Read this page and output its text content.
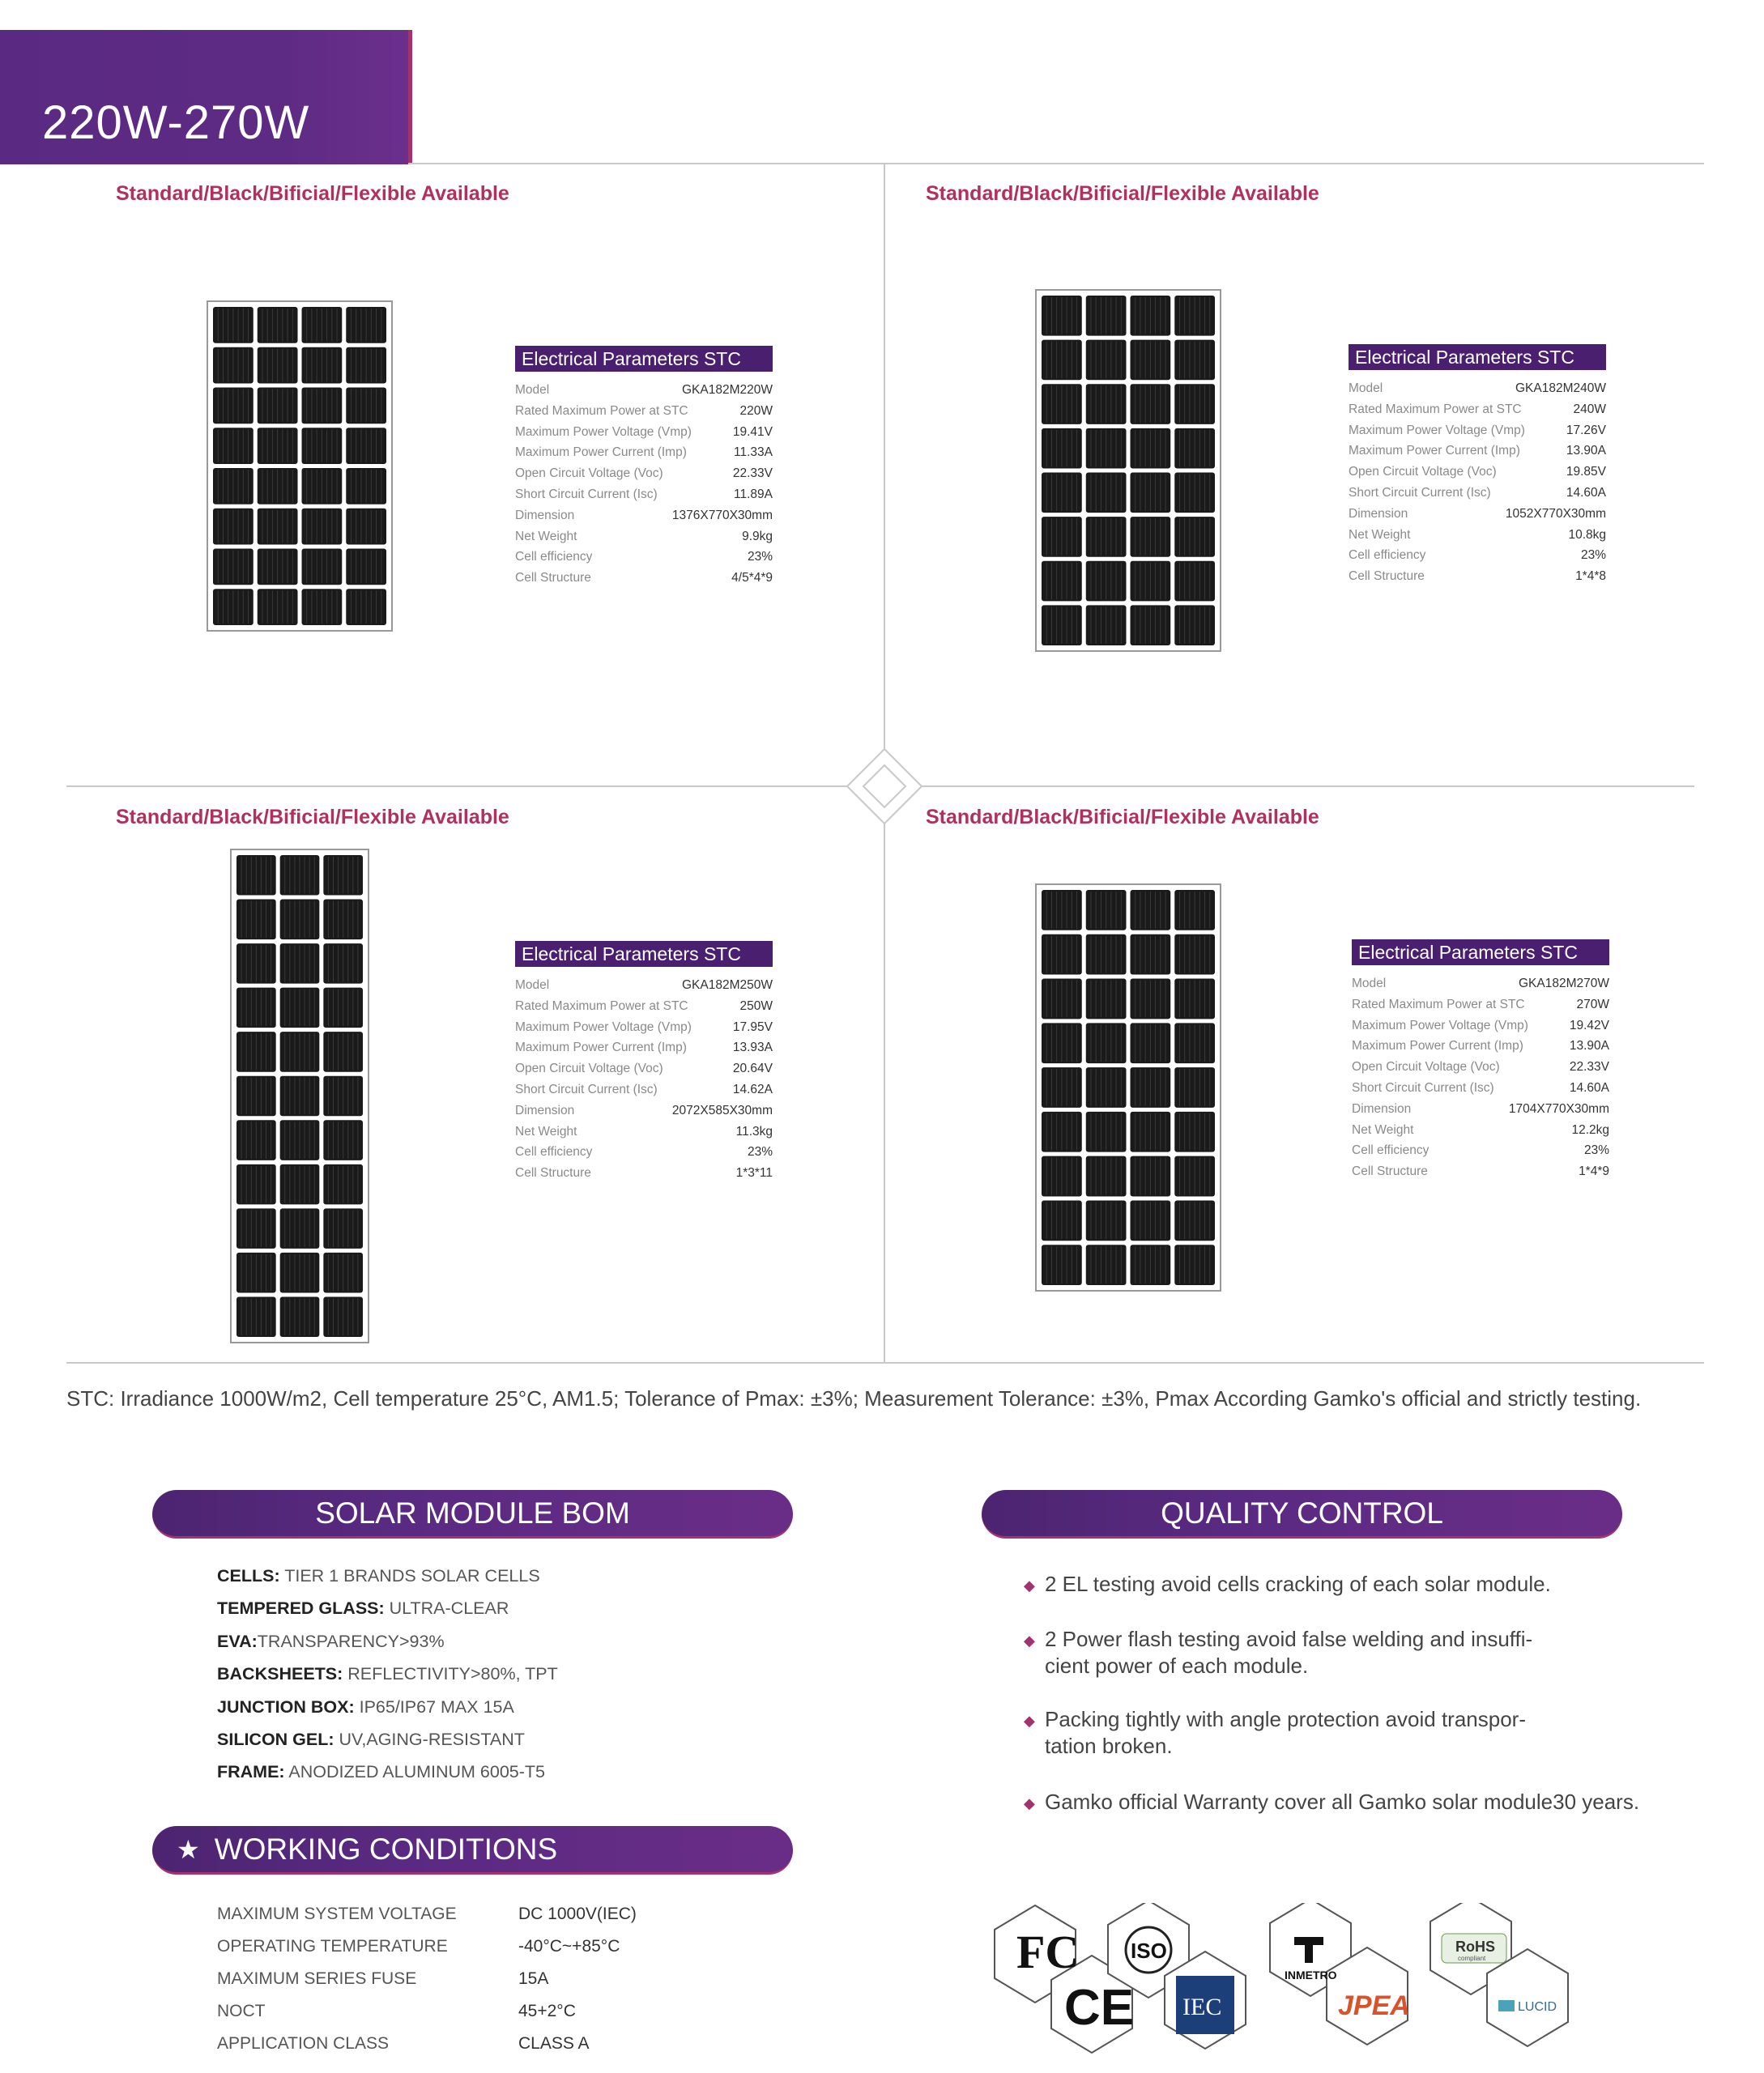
220W-270W
Standard/Black/Bificial/Flexible Available	Standard/Black/Bificial/Flexible Available
Standard/Black/Bificial/Flexible Available	Standard/Black/Bificial/Flexible Available
Electrical Parameters STC
Model	GKA182M220W
Rated Maximum Power at STC	220W
Maximum Power Voltage (Vmp)	19.41V
Maximum Power Current (Imp)	11.33A
Open Circuit Voltage (Voc)	22.33V
Short Circuit Current (Isc)	11.89A
Dimension	1376X770X30mm
Net Weight	9.9kg
Cell efficiency	23%
Cell Structure	4/5*4*9
Electrical Parameters STC
Model	GKA182M240W
Rated Maximum Power at STC	240W
Maximum Power Voltage (Vmp)	17.26V
Maximum Power Current (Imp)	13.90A
Open Circuit Voltage (Voc)	19.85V
Short Circuit Current (Isc)	14.60A
Dimension	1052X770X30mm
Net Weight	10.8kg
Cell efficiency	23%
Cell Structure	1*4*8
Electrical Parameters STC
Model	GKA182M250W
Rated Maximum Power at STC	250W
Maximum Power Voltage (Vmp)	17.95V
Maximum Power Current (Imp)	13.93A
Open Circuit Voltage (Voc)	20.64V
Short Circuit Current (Isc)	14.62A
Dimension	2072X585X30mm
Net Weight	11.3kg
Cell efficiency	23%
Cell Structure	1*3*11
Electrical Parameters STC
Model	GKA182M270W
Rated Maximum Power at STC	270W
Maximum Power Voltage (Vmp)	19.42V
Maximum Power Current (Imp)	13.90A
Open Circuit Voltage (Voc)	22.33V
Short Circuit Current (Isc)	14.60A
Dimension	1704X770X30mm
Net Weight	12.2kg
Cell efficiency	23%
Cell Structure	1*4*9
STC: Irradiance 1000W/m2, Cell temperature 25°C, AM1.5; Tolerance of Pmax: ±3%; Measurement Tolerance: ±3%, Pmax According Gamko's official and strictly testing.
SOLAR MODULE BOM
CELLS: TIER 1 BRANDS SOLAR CELLS
TEMPERED GLASS: ULTRA-CLEAR
EVA:TRANSPARENCY>93%
BACKSHEETS: REFLECTIVITY>80%, TPT
JUNCTION BOX: IP65/IP67 MAX 15A
SILICON GEL: UV,AGING-RESISTANT
FRAME: ANODIZED ALUMINUM 6005-T5
★ WORKING CONDITIONS
MAXIMUM SYSTEM VOLTAGE	DC 1000V(IEC)
OPERATING TEMPERATURE	-40°C~+85°C
MAXIMUM SERIES FUSE	15A
NOCT	45+2°C
APPLICATION CLASS	CLASS A
QUALITY CONTROL
◆ 2 EL testing avoid cells cracking of each solar module.
◆ 2 Power flash testing avoid false welding and insuffi-
cient power of each module.
◆ Packing tightly with angle protection avoid transpor-
tation broken.
◆ Gamko official Warranty cover all Gamko solar module30 years.
FC
CE
ISO
IEC
INMETRO
JPEA
RoHS
compliant
LUCID
